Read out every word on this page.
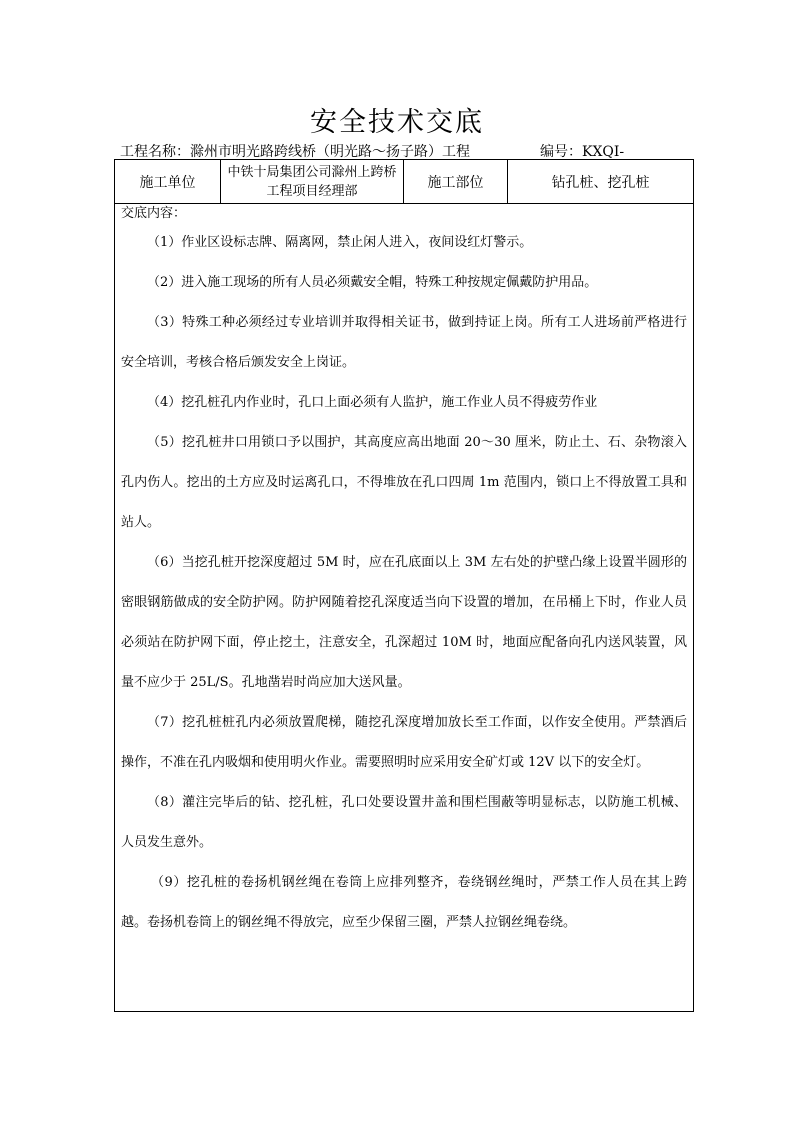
安全技术交底
工程名称：滁州市明光路跨线桥（明光路～扬子路）工程	编号：KXQⅠ-
施工单位
中铁十局集团公司滁州上跨桥工程项目经理部
施工部位	钻孔桩、挖孔桩
交底内容：

（1）作业区设标志牌、隔离网，禁止闲人进入，夜间设红灯警示。

（2）进入施工现场的所有人员必须戴安全帽，特殊工种按规定佩戴防护用品。

（3）特殊工种必须经过专业培训并取得相关证书，做到持证上岗。所有工人进场前严格进行安全培训，考核合格后颁发安全上岗证。

（4）挖孔桩孔内作业时，孔口上面必须有人监护，施工作业人员不得疲劳作业

（5）挖孔桩井口用锁口予以围护，其高度应高出地面 20～30 厘米，防止土、石、杂物滚入孔内伤人。挖出的土方应及时运离孔口，不得堆放在孔口四周 1m 范围内，锁口上不得放置工具和站人。

（6）当挖孔桩开挖深度超过 5M 时，应在孔底面以上 3M 左右处的护壁凸缘上设置半圆形的密眼钢筋做成的安全防护网。防护网随着挖孔深度适当向下设置的增加，在吊桶上下时，作业人员必须站在防护网下面，停止挖土，注意安全，孔深超过 10M 时，地面应配备向孔内送风装置，风量不应少于 25L/S。孔地凿岩时尚应加大送风量。

（7）挖孔桩桩孔内必须放置爬梯，随挖孔深度增加放长至工作面，以作安全使用。严禁酒后操作，不准在孔内吸烟和使用明火作业。需要照明时应采用安全矿灯或 12V 以下的安全灯。

（8）灌注完毕后的钻、挖孔桩，孔口处要设置井盖和围栏围蔽等明显标志，以防施工机械、人员发生意外。

（9）挖孔桩的卷扬机钢丝绳在卷筒上应排列整齐，卷绕钢丝绳时，严禁工作人员在其上跨越。卷扬机卷筒上的钢丝绳不得放完，应至少保留三圈，严禁人拉钢丝绳卷绕。
